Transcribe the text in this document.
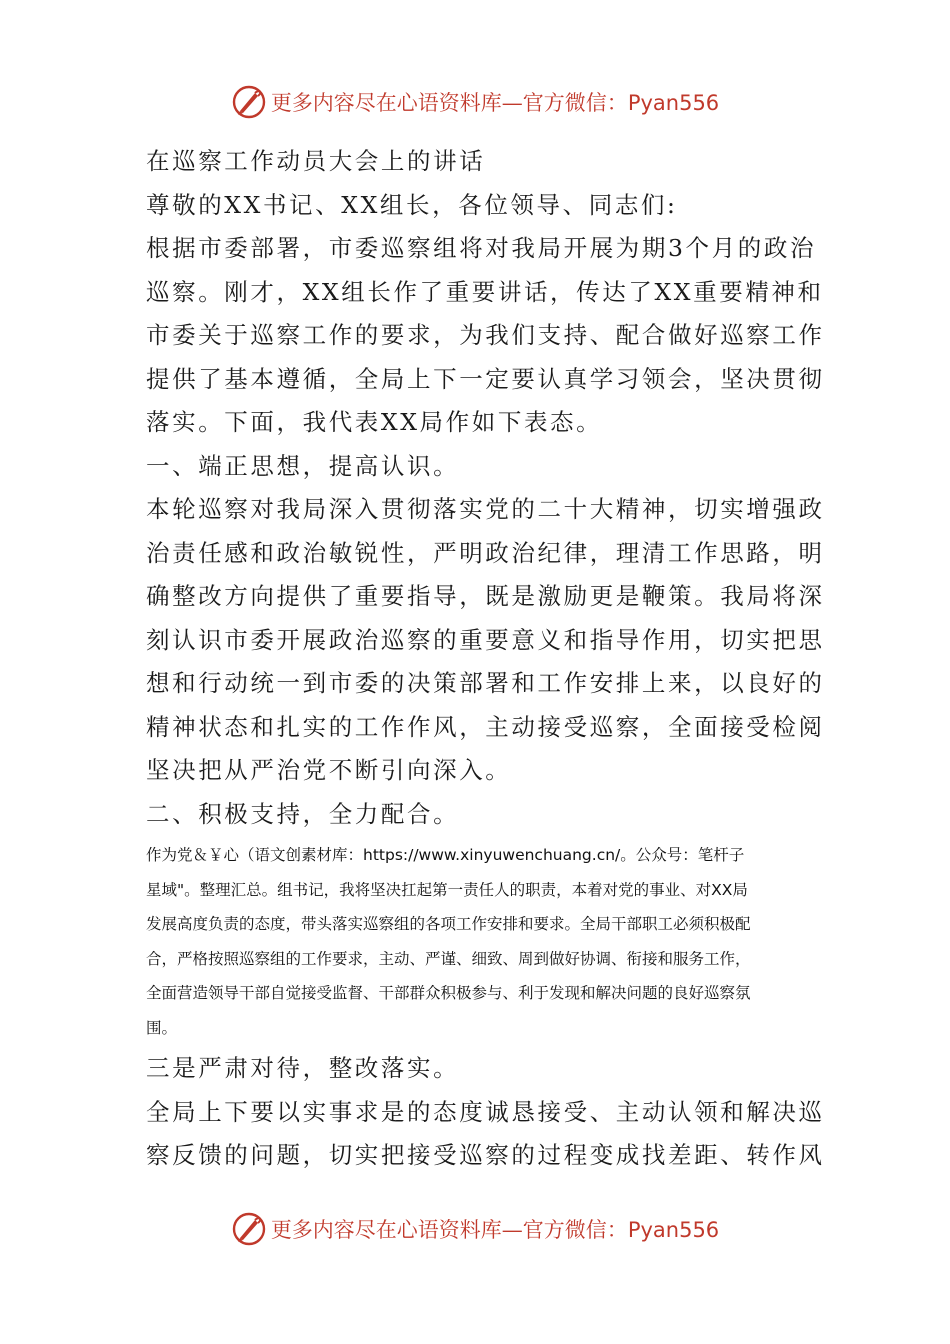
更多内容尽在心语资料库—官方微信：Pyan556

在巡察工作动员大会上的讲话

尊敬的XX书记、XX组长，各位领导、同志们:

根据市委部署，市委巡察组将对我局开展为期3个月的政治

巡察。刚才，XX组长作了重要讲话，传达了XX重要精神和

市委关于巡察工作的要求，为我们支持、配合做好巡察工作

提供了基本遵循，全局上下一定要认真学习领会，坚决贯彻

落实。下面，我代表XX局作如下表态。

一、端正思想，提高认识。

本轮巡察对我局深入贯彻落实党的二十大精神，切实增强政

治责任感和政治敏锐性，严明政治纪律，理清工作思路，明

确整改方向提供了重要指导，既是激励更是鞭策。我局将深

刻认识市委开展政治巡察的重要意义和指导作用，切实把思

想和行动统一到市委的决策部署和工作安排上来，以良好的

精神状态和扎实的工作作风，主动接受巡察，全面接受检阅

坚决把从严治党不断引向深入。

二、积极支持，全力配合。

作为党＆￥心（语文创素材库：https://www.xinyuwenchuang.cn/。公众号：笔杆子

星域"。整理汇总。组书记，我将坚决扛起第一责任人的职责，本着对党的事业、对XX局

发展高度负责的态度，带头落实巡察组的各项工作安排和要求。全局干部职工必须积极配

合，严格按照巡察组的工作要求，主动、严谨、细致、周到做好协调、衔接和服务工作，

全面营造领导干部自觉接受监督、干部群众积极参与、利于发现和解决问题的良好巡察氛

围。

三是严肃对待，整改落实。

全局上下要以实事求是的态度诚恳接受、主动认领和解决巡

察反馈的问题，切实把接受巡察的过程变成找差距、转作风

更多内容尽在心语资料库—官方微信：Pyan556
